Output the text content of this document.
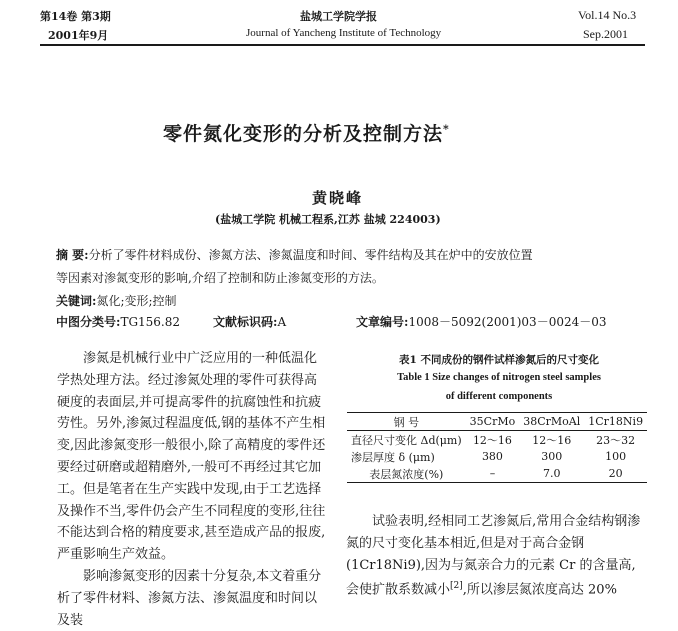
第14卷 第3期
2001年9月
盐城工学院学报
Journal of Yancheng Institute of Technology
Vol.14 No.3
Sep.2001
零件氮化变形的分析及控制方法*
黄晓峰
(盐城工学院 机械工程系,江苏 盐城 224003)
摘 要:分析了零件材料成份、渗氮方法、渗氮温度和时间、零件结构及其在炉中的安放位置
等因素对渗氮变形的影响,介绍了控制和防止渗氮变形的方法。
关键词:氮化;变形;控制
中图分类号:TG156.82	文献标识码:A	文章编号:1008－5092(2001)03－0024－03
渗氮是机械行业中广泛应用的一种低温化学热处理方法。经过渗氮处理的零件可获得高硬度的表面层,并可提高零件的抗腐蚀性和抗疲劳性。另外,渗氮过程温度低,钢的基体不产生相变,因此渗氮变形一般很小,除了高精度的零件还要经过研磨或超精磨外,一般可不再经过其它加工。但是笔者在生产实践中发现,由于工艺选择及操作不当,零件仍会产生不同程度的变形,往往不能达到合格的精度要求,甚至造成产品的报废,严重影响生产效益。
影响渗氮变形的因素十分复杂,本文着重分析了零件材料、渗氮方法、渗氮温度和时间以及装
表1 不同成份的钢件试样渗氮后的尺寸变化
Table 1 Size changes of nitrogen steel samples
of different components
钢 号	35CrMo	38CrMoAl	1Cr18Ni9
直径尺寸变化 Δd(μm)	12～16	12～16	23～32
渗层厚度 δ (μm)	380	300	100
表层氮浓度(%)	–	7.0	20
试验表明,经相同工艺渗氮后,常用合金结构钢渗氮的尺寸变化基本相近,但是对于高合金钢(1Cr18Ni9),因为与氮亲合力的元素 Cr 的含量高,会使扩散系数减小[2],所以渗层氮浓度高达 20%
